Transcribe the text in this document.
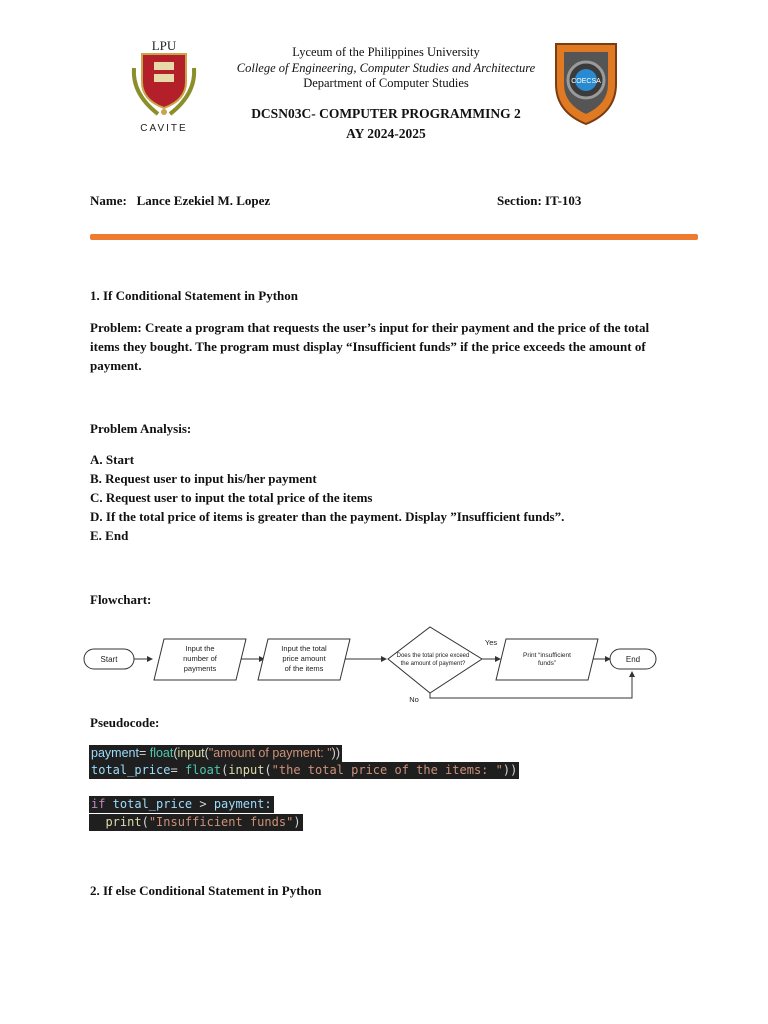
LPU
CAVITE
COECSA
Lyceum of the Philippines University
College of Engineering, Computer Studies and Architecture
Department of Computer Studies
DCSN03C- COMPUTER PROGRAMMING 2
AY 2024-2025
Name: Lance Ezekiel M. Lopez	Section: IT-103
1. If Conditional Statement in Python
Problem: Create a program that requests the user’s input for their payment and the price of the total items they bought. The program must display “Insufficient funds” if the price exceeds the amount of payment.
Problem Analysis:
A. Start
B. Request user to input his/her payment
C. Request user to input the total price of the items
D. If the total price of items is greater than the payment. Display ”Insufficient funds”.
E. End
Flowchart:
Start
Input the
number of
payments
Input the total
price amount
of the items
Does the total price exceed
the amount of payment?
Yes
Print “insufficient
funds”	End
No
Pseudocode:
payment= float(input("amount of payment: "))
total_price= float(input("the total price of the items: "))
if total_price > payment:
print("Insufficient funds")
2. If else Conditional Statement in Python
